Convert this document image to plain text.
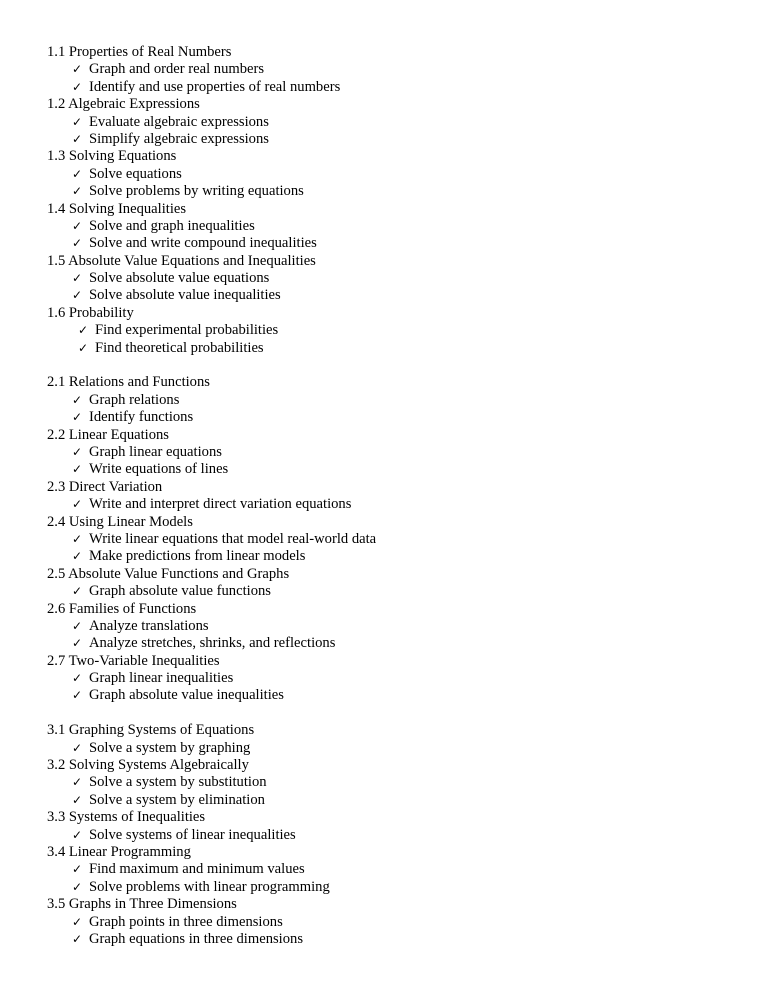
1.1 Properties of Real Numbers
✓ Graph and order real numbers
✓ Identify and use properties of real numbers
1.2 Algebraic Expressions
✓ Evaluate algebraic expressions
✓ Simplify algebraic expressions
1.3 Solving Equations
✓ Solve equations
✓ Solve problems by writing equations
1.4 Solving Inequalities
✓ Solve and graph inequalities
✓ Solve and write compound inequalities
1.5 Absolute Value Equations and Inequalities
✓ Solve absolute value equations
✓ Solve absolute value inequalities
1.6 Probability
✓ Find experimental probabilities
✓ Find theoretical probabilities
2.1 Relations and Functions
✓ Graph relations
✓ Identify functions
2.2 Linear Equations
✓ Graph linear equations
✓ Write equations of lines
2.3 Direct Variation
✓ Write and interpret direct variation equations
2.4 Using Linear Models
✓ Write linear equations that model real-world data
✓ Make predictions from linear models
2.5 Absolute Value Functions and Graphs
✓ Graph absolute value functions
2.6 Families of Functions
✓ Analyze translations
✓ Analyze stretches, shrinks, and reflections
2.7 Two-Variable Inequalities
✓ Graph linear inequalities
✓ Graph absolute value inequalities
3.1 Graphing Systems of Equations
✓ Solve a system by graphing
3.2 Solving Systems Algebraically
✓ Solve a system by substitution
✓ Solve a system by elimination
3.3 Systems of Inequalities
✓ Solve systems of linear inequalities
3.4 Linear Programming
✓ Find maximum and minimum values
✓ Solve problems with linear programming
3.5 Graphs in Three Dimensions
✓ Graph points in three dimensions
✓ Graph equations in three dimensions
